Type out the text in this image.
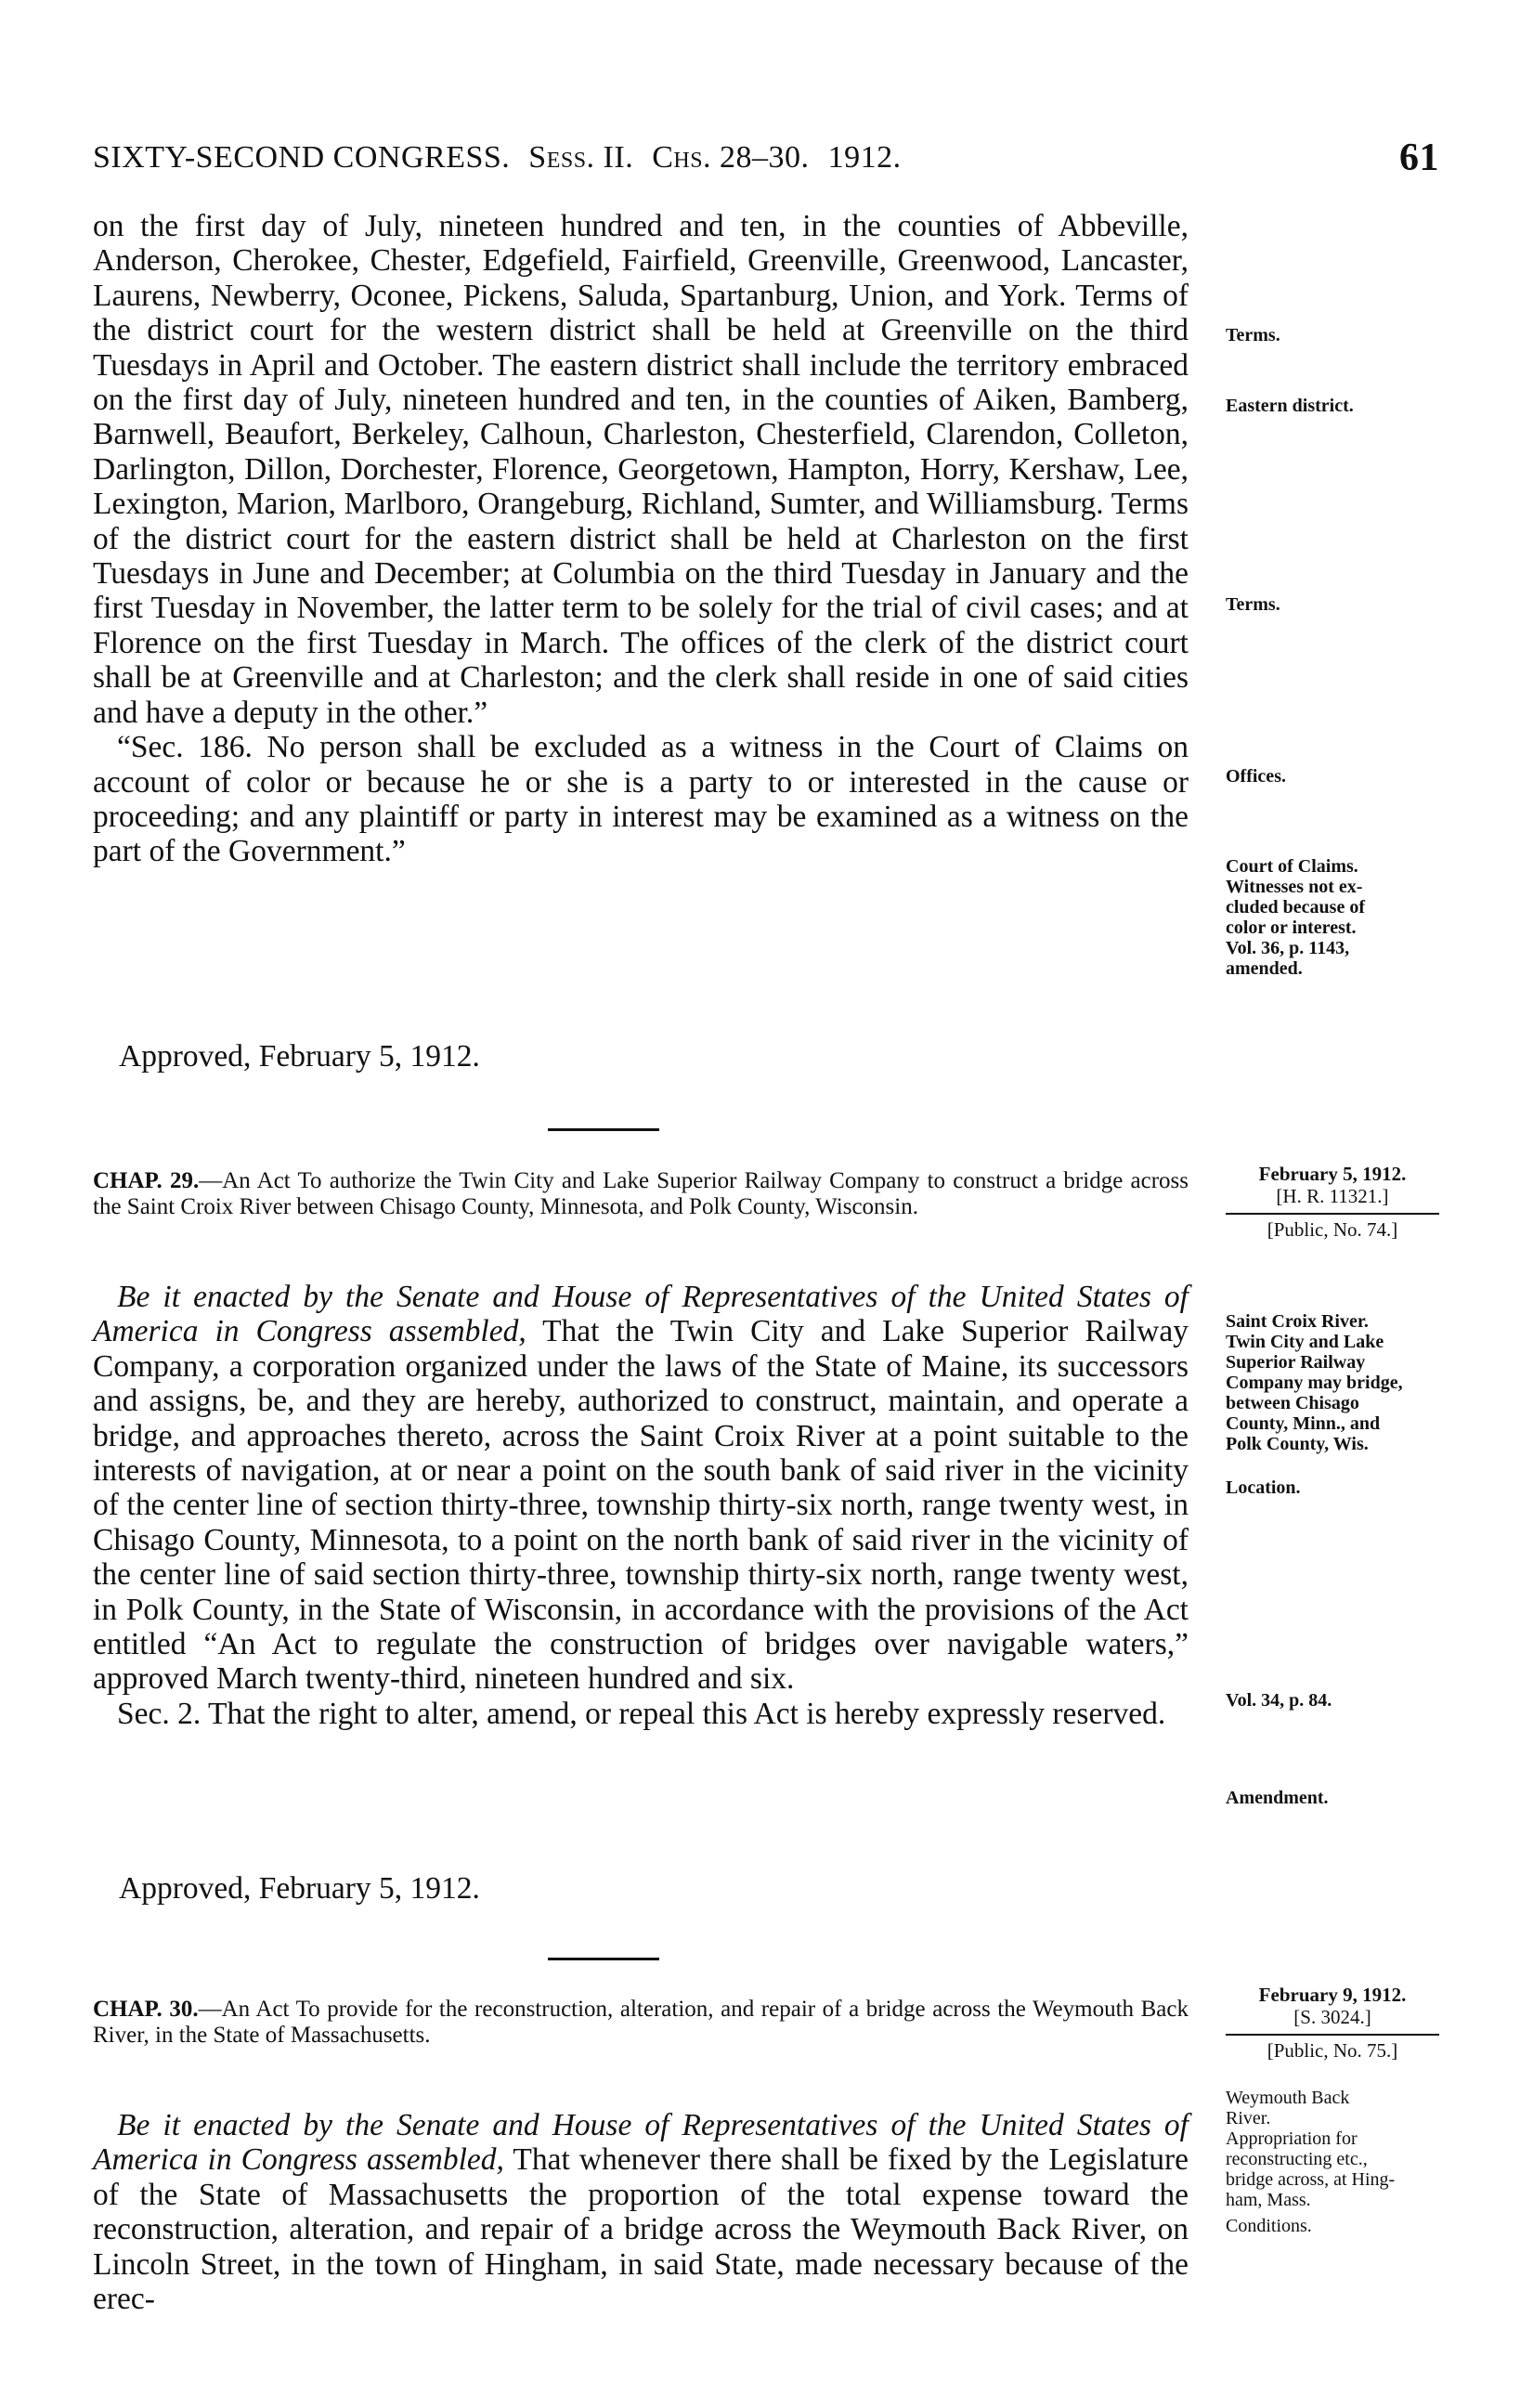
SIXTY-SECOND CONGRESS. Sess. II. Chs. 28–30. 1912.	61

on the first day of July, nineteen hundred and ten, in the counties of Abbeville, Anderson, Cherokee, Chester, Edgefield, Fairfield, Greenville, Greenwood, Lancaster, Laurens, Newberry, Oconee, Pickens, Saluda, Spartanburg, Union, and York. Terms of the district court for the western district shall be held at Greenville on the third Tuesdays in April and October. The eastern district shall include the territory embraced on the first day of July, nineteen hundred and ten, in the counties of Aiken, Bamberg, Barnwell, Beaufort, Berkeley, Calhoun, Charleston, Chesterfield, Clarendon, Colleton, Darlington, Dillon, Dorchester, Florence, Georgetown, Hampton, Horry, Kershaw, Lee, Lexington, Marion, Marlboro, Orangeburg, Richland, Sumter, and Williamsburg. Terms of the district court for the eastern district shall be held at Charleston on the first Tuesdays in June and December; at Columbia on the third Tuesday in January and the first Tuesday in November, the latter term to be solely for the trial of civil cases; and at Florence on the first Tuesday in March. The offices of the clerk of the district court shall be at Greenville and at Charleston; and the clerk shall reside in one of said cities and have a deputy in the other.”

“Sec. 186. No person shall be excluded as a witness in the Court of Claims on account of color or because he or she is a party to or interested in the cause or proceeding; and any plaintiff or party in interest may be examined as a witness on the part of the Government.”

Approved, February 5, 1912.
Terms.
Eastern district.
Terms.
Offices.
Court of Claims.
Witnesses not ex-
cluded because of
color or interest.
Vol. 36, p. 1143,
amended.
CHAP. 29.—An Act To authorize the Twin City and Lake Superior Railway Company to construct a bridge across the Saint Croix River between Chisago County, Minnesota, and Polk County, Wisconsin.
February 5, 1912.
[H. R. 11321.]
[Public, No. 74.]

Be it enacted by the Senate and House of Representatives of the United States of America in Congress assembled, That the Twin City and Lake Superior Railway Company, a corporation organized under the laws of the State of Maine, its successors and assigns, be, and they are hereby, authorized to construct, maintain, and operate a bridge, and approaches thereto, across the Saint Croix River at a point suitable to the interests of navigation, at or near a point on the south bank of said river in the vicinity of the center line of section thirty-three, township thirty-six north, range twenty west, in Chisago County, Minnesota, to a point on the north bank of said river in the vicinity of the center line of said section thirty-three, township thirty-six north, range twenty west, in Polk County, in the State of Wisconsin, in accordance with the provisions of the Act entitled “An Act to regulate the construction of bridges over navigable waters,” approved March twenty-third, nineteen hundred and six.

Sec. 2. That the right to alter, amend, or repeal this Act is hereby expressly reserved.

Approved, February 5, 1912.
Saint Croix River.
Twin City and Lake
Superior Railway
Company may bridge,
between Chisago
County, Minn., and
Polk County, Wis.
Location.
Vol. 34, p. 84.
Amendment.
CHAP. 30.—An Act To provide for the reconstruction, alteration, and repair of a bridge across the Weymouth Back River, in the State of Massachusetts.
February 9, 1912.
[S. 3024.]
[Public, No. 75.]

Be it enacted by the Senate and House of Representatives of the United States of America in Congress assembled, That whenever there shall be fixed by the Legislature of the State of Massachusetts the proportion of the total expense toward the reconstruction, alteration, and repair of a bridge across the Weymouth Back River, on Lincoln Street, in the town of Hingham, in said State, made necessary because of the erec-

Weymouth Back
River.
Appropriation for
reconstructing etc.,
bridge across, at Hing-
ham, Mass.
Conditions.
